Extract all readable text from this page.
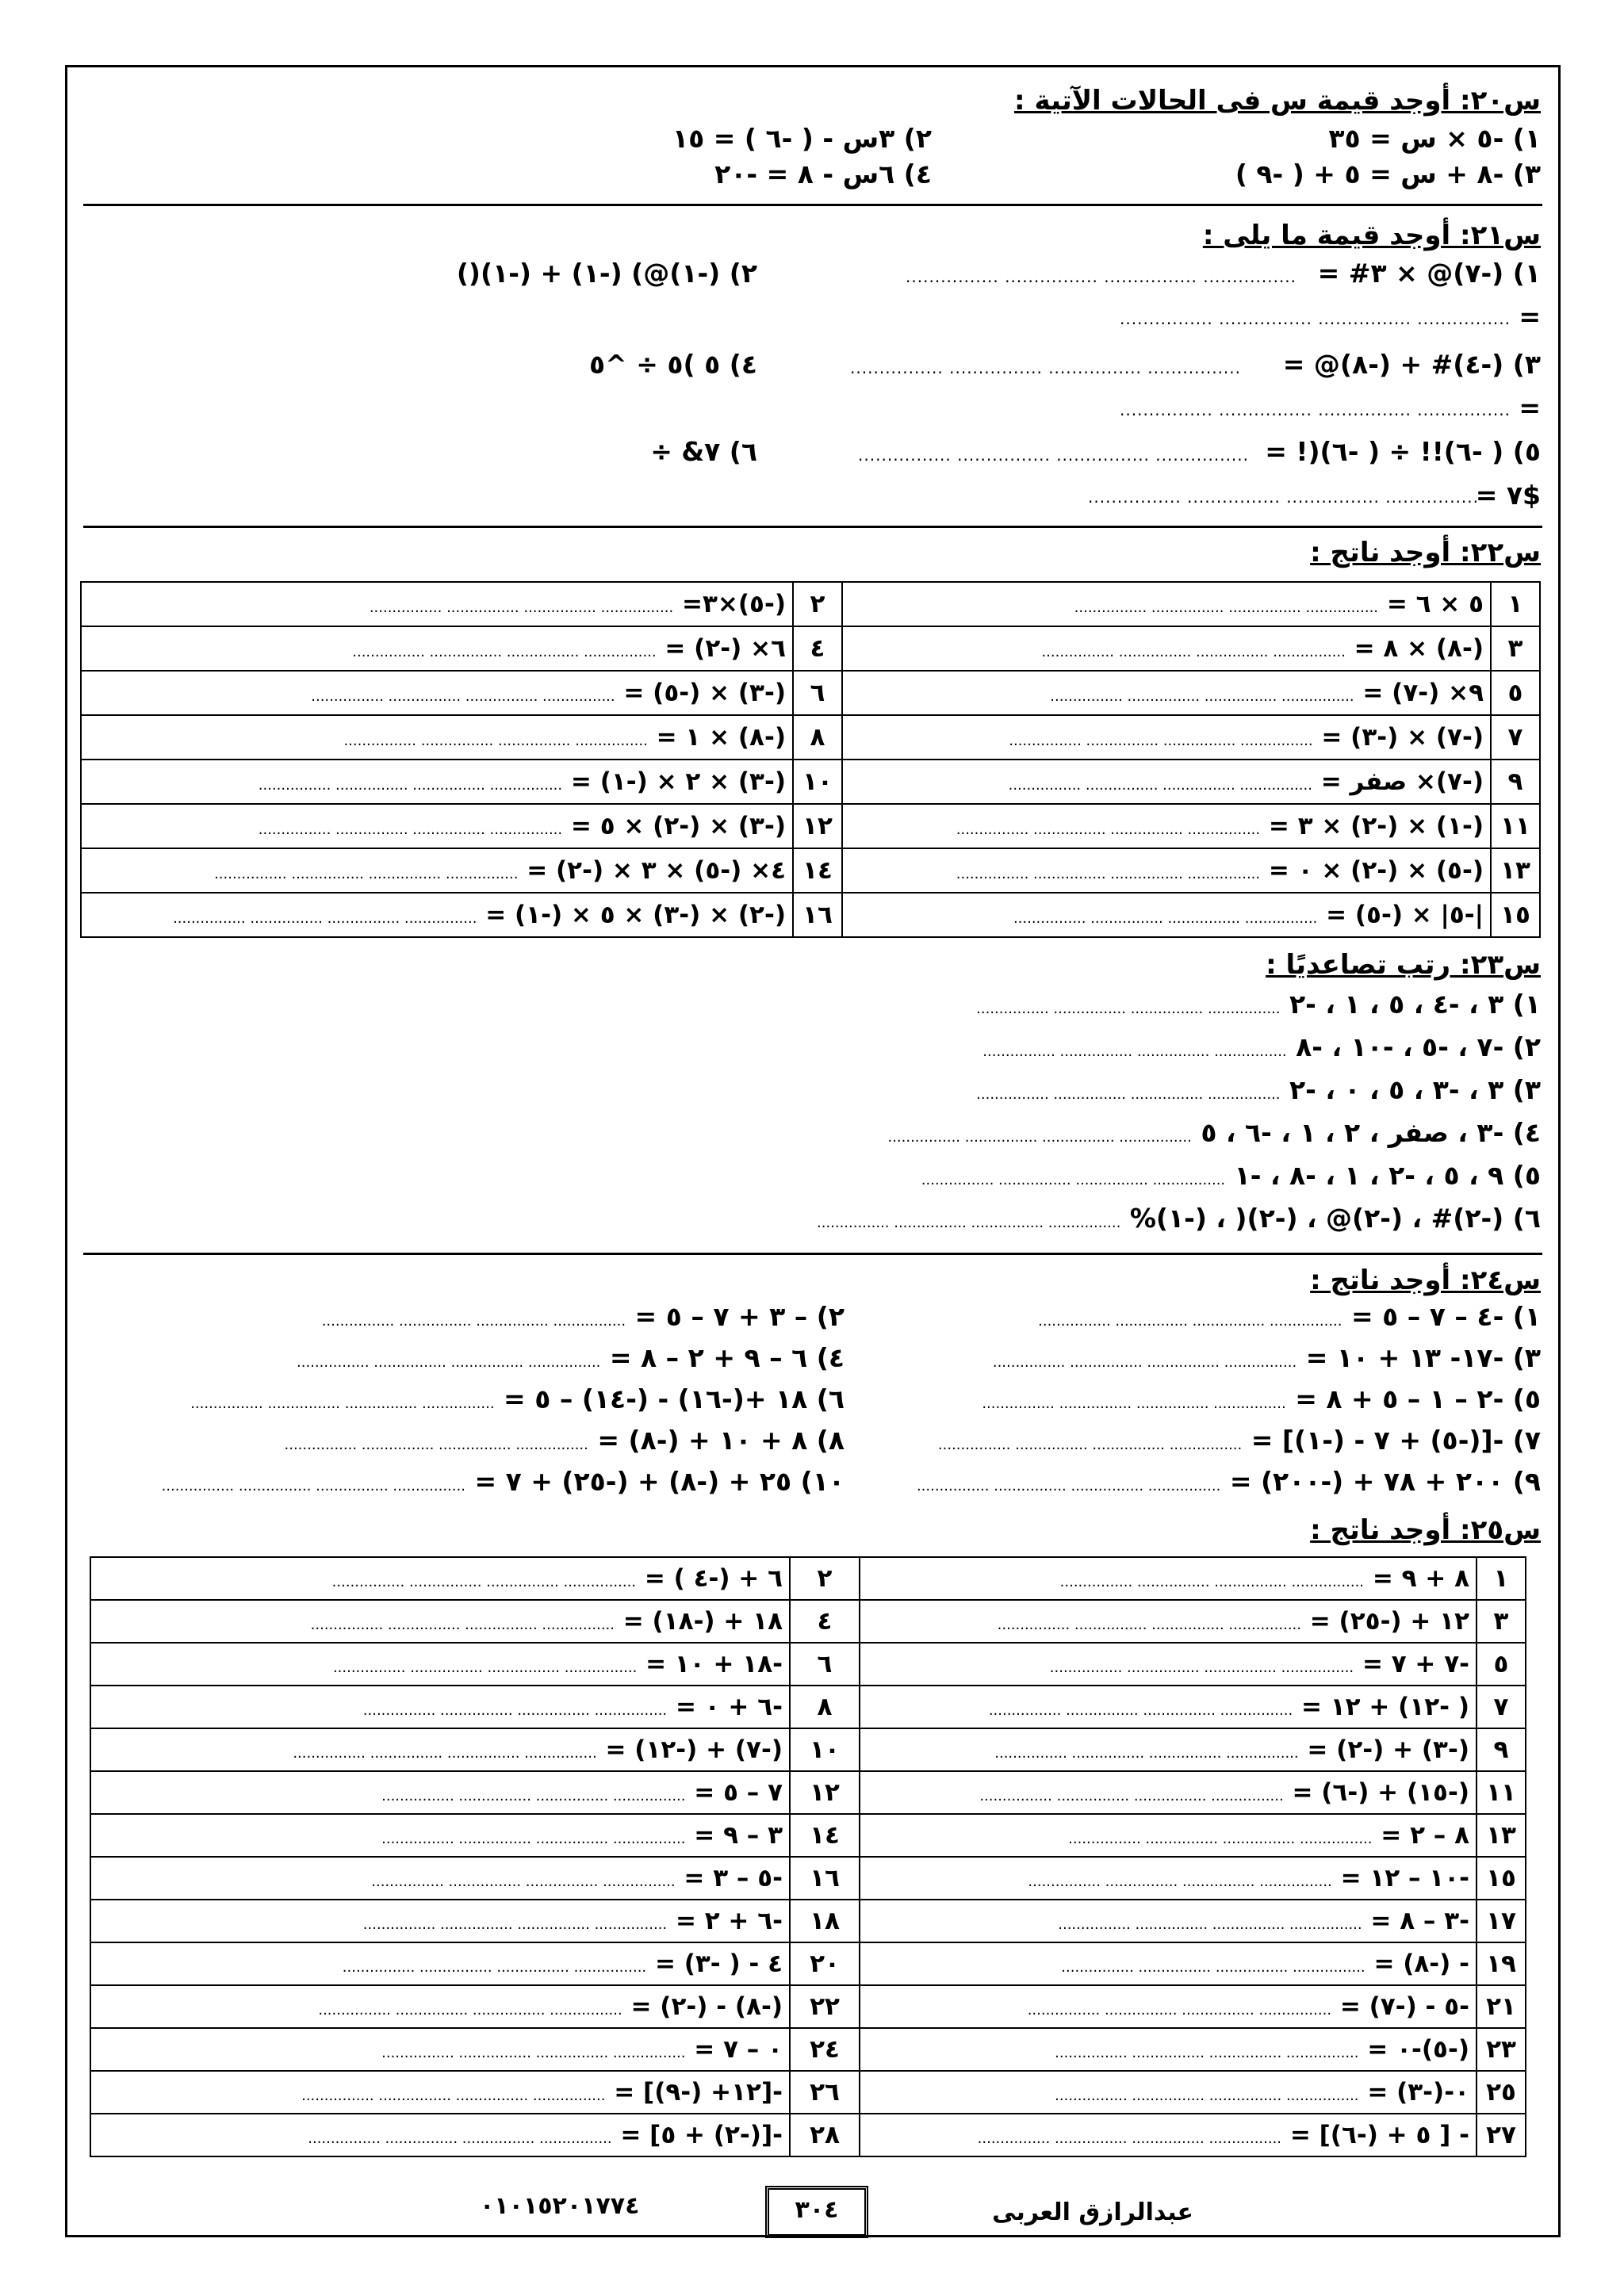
س٢٠: أوجد قيمة س فى الحالات الآتية :
١) -٥ × س = ٣٥
٢) ٣س - ( -٦ ) = ١٥
٣) -٨ + س = ٥ + ( -٩ )
٤) ٦س - ٨ = -٢٠
س٢١: أوجد قيمة ما يلى :
١) (-٧)@ × ٣# =
................ ................ ................ ................
٢) (-١)@) (-١) + (-١)()
=
................ ................ ................ ................
٣) (-٤)# + (-٨)@ =
................ ................ ................ ................
٤) ٥ )٥ ÷ ^٥
=
................ ................ ................ ................
٥) ( -٦)!! ÷ ( -٦)(! =
................ ................ ................ ................
٦) ٧& ÷
$٧ =
................ ................ ................ ................
س٢٢: أوجد ناتج :
١	٥ × ٦ = ................ ................ ................ ................	٢	(-٥)×٣= ................ ................ ................ ................
٣	(-٨) × ٨ = ................ ................ ................ ................	٤	٦× (-٢) = ................ ................ ................ ................
٥	٩× (-٧) = ................ ................ ................ ................	٦	(-٣) × (-٥) = ................ ................ ................ ................
٧	(-٧) × (-٣) = ................ ................ ................ ................	٨	(-٨) × ١ = ................ ................ ................ ................
٩	(-٧)× صفر = ................ ................ ................ ................	١٠	(-٣) × ٢ × (-١) = ................ ................ ................ ................
١١	(-١) × (-٢) × ٣ = ................ ................ ................ ................	١٢	(-٣) × (-٢) × ٥ = ................ ................ ................ ................
١٣	(-٥) × (-٢) × ٠ = ................ ................ ................ ................	١٤	٤× (-٥) × ٣ × (-٢) = ................ ................ ................ ................
١٥	|-٥| × (-٥) = ................ ................ ................ ................	١٦	(-٢) × (-٣) × ٥ × (-١) = ................ ................ ................ ................
س٢٣: رتب تصاعديًا :
١) ٣ ، -٤ ، ٥ ، ١ ، -٢ ................ ................ ................ ................
٢) -٧ ، -٥ ، -١٠ ، -٨ ................ ................ ................ ................
٣) ٣ ، -٣ ، ٥ ، ٠ ، -٢ ................ ................ ................ ................
٤) -٣ ، صفر ، ٢ ، ١ ، -٦ ، ٥ ................ ................ ................ ................
٥) ٩ ، ٥ ، -٢ ، ١ ، -٨ ، -١ ................ ................ ................ ................
٦) (-٢)# ، (-٢)@ ، (-٢)( ، (-١)% ................ ................ ................ ................
س٢٤: أوجد ناتج :
١) -٤ – ٧ – ٥ = ................ ................ ................ ................
٢) – ٣ + ٧ – ٥ = ................ ................ ................ ................
٣) -١٧- ١٣ + ١٠ = ................ ................ ................ ................
٤) ٦ – ٩ + ٢ – ٨ = ................ ................ ................ ................
٥) -٢ – ١ – ٥ + ٨ = ................ ................ ................ ................
٦) ١٨ +(-١٦) - (-١٤) – ٥ = ................ ................ ................ ................
٧) -[(-٥) + ٧ - (-١)] = ................ ................ ................ ................
٨) ٨ + ١٠ + (-٨) = ................ ................ ................ ................
٩) ٢٠٠ + ٧٨ + (-٢٠٠) = ................ ................ ................ ................
١٠) ٢٥ + (-٨) + (-٢٥) + ٧ = ................ ................ ................ ................
س٢٥: أوجد ناتج :
١	٨ + ٩ = ................ ................ ................ ................	٢	٦ + (-٤ ) = ................ ................ ................ ................
٣	١٢ + (-٢٥) = ................ ................ ................ ................	٤	١٨ + (-١٨) = ................ ................ ................ ................
٥	-٧ + ٧ = ................ ................ ................ ................	٦	-١٨ + ١٠ = ................ ................ ................ ................
٧	( -١٢) + ١٢ = ................ ................ ................ ................	٨	-٦ + ٠ = ................ ................ ................ ................
٩	(-٣) + (-٢) = ................ ................ ................ ................	١٠	(-٧) + (-١٢) = ................ ................ ................ ................
١١	(-١٥) + (-٦) = ................ ................ ................ ................	١٢	٧ – ٥ = ................ ................ ................ ................
١٣	٨ – ٢ = ................ ................ ................ ................	١٤	٣ – ٩ = ................ ................ ................ ................
١٥	-١٠ – ١٢ = ................ ................ ................ ................	١٦	-٥ – ٣ = ................ ................ ................ ................
١٧	-٣ – ٨ = ................ ................ ................ ................	١٨	-٦ + ٢ = ................ ................ ................ ................
١٩	- (-٨) = ................ ................ ................ ................	٢٠	٤ - ( -٣) = ................ ................ ................ ................
٢١	-٥ - (-٧) = ................ ................ ................ ................	٢٢	(-٨) - (-٢) = ................ ................ ................ ................
٢٣	(-٥)-٠ = ................ ................ ................ ................	٢٤	٠ – ٧ = ................ ................ ................ ................
٢٥	٠-(-٣) = ................ ................ ................ ................	٢٦	-[١٢+ (-٩)] = ................ ................ ................ ................
٢٧	- [ ٥ + (-٦)] = ................ ................ ................ ................	٢٨	-[(-٢) + ٥] = ................ ................ ................ ................
عبدالرازق العربى
٣٠٤
٠١٠١٥٢٠١٧٧٤
